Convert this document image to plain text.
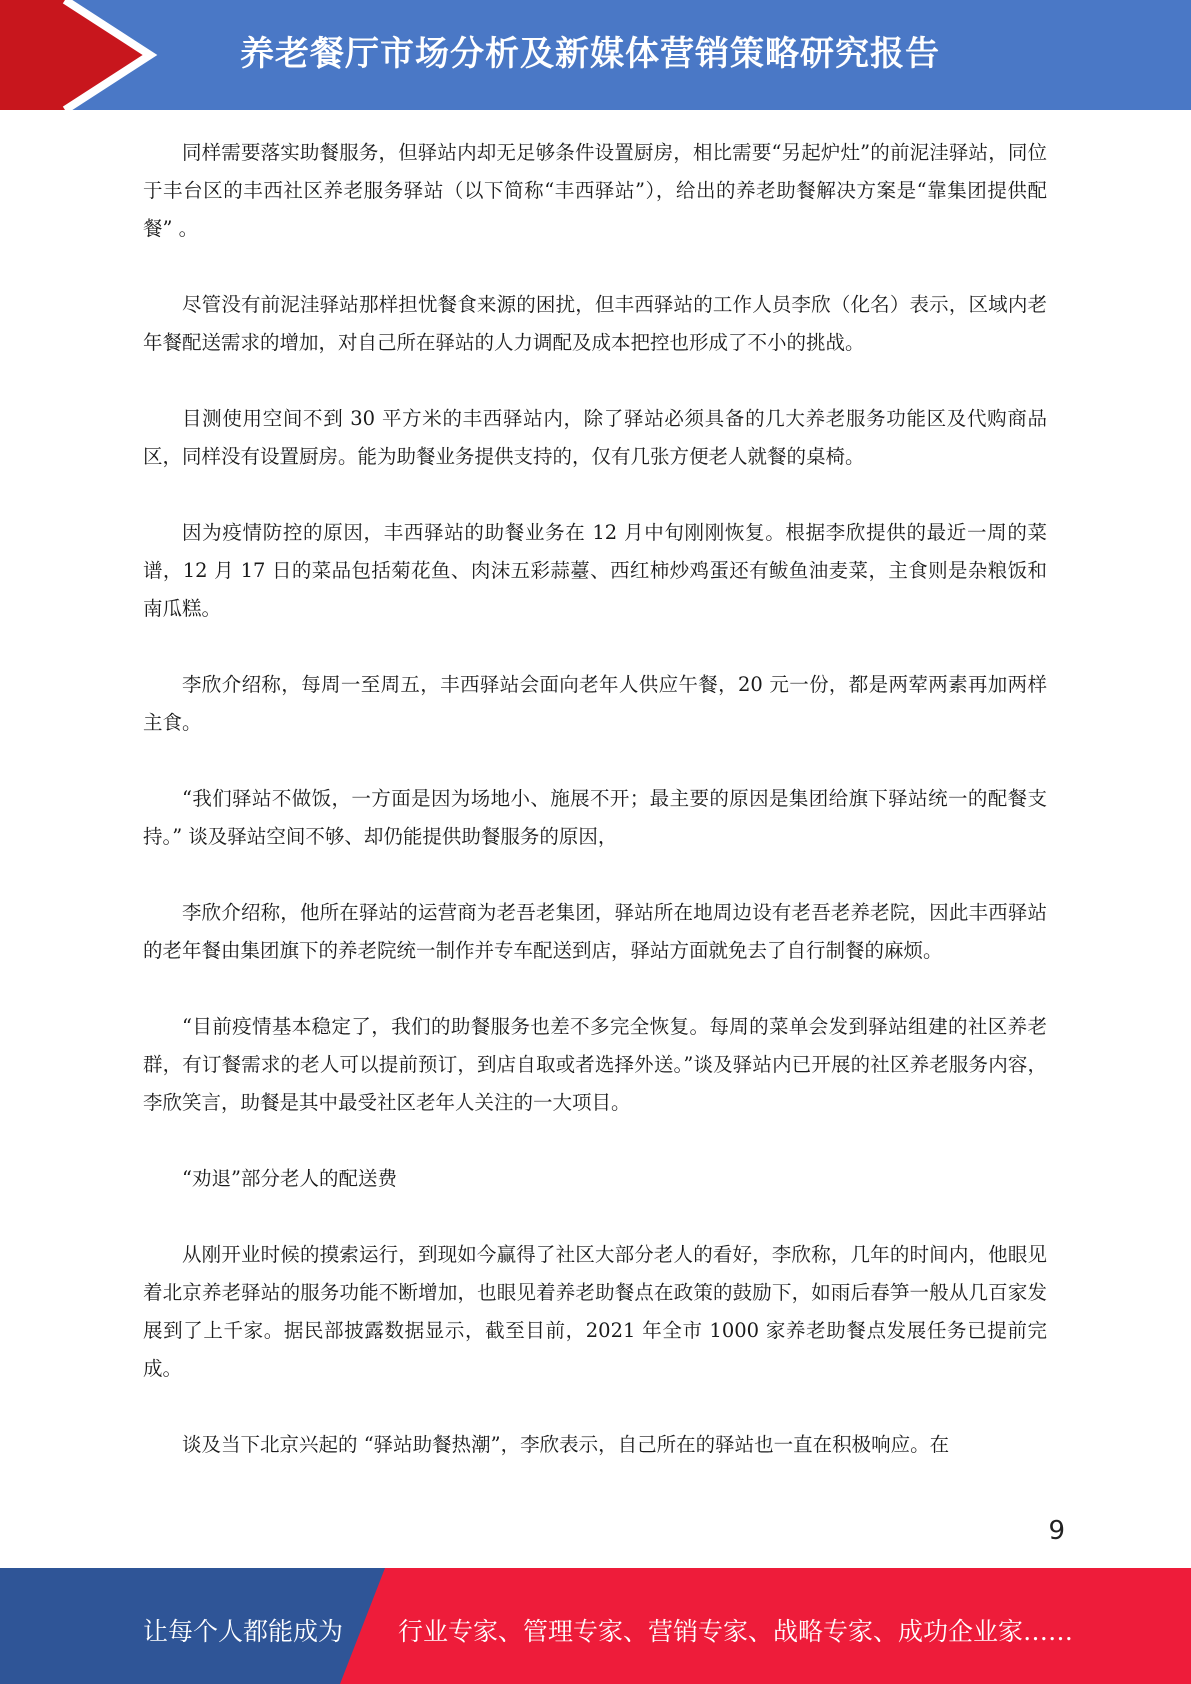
养老餐厅市场分析及新媒体营销策略研究报告

同样需要落实助餐服务，但驿站内却无足够条件设置厨房，相比需要“另起炉灶”的前泥洼驿站，同位于丰台区的丰西社区养老服务驿站（以下简称“丰西驿站”），给出的养老助餐解决方案是“靠集团提供配餐” 。

尽管没有前泥洼驿站那样担忧餐食来源的困扰，但丰西驿站的工作人员李欣（化名）表示，区域内老年餐配送需求的增加，对自己所在驿站的人力调配及成本把控也形成了不小的挑战。

目测使用空间不到 30 平方米的丰西驿站内，除了驿站必须具备的几大养老服务功能区及代购商品区，同样没有设置厨房。能为助餐业务提供支持的，仅有几张方便老人就餐的桌椅。

因为疫情防控的原因，丰西驿站的助餐业务在 12 月中旬刚刚恢复。根据李欣提供的最近一周的菜谱，12 月 17 日的菜品包括菊花鱼、肉沫五彩蒜薹、西红柿炒鸡蛋还有鲅鱼油麦菜，主食则是杂粮饭和南瓜糕。

李欣介绍称，每周一至周五，丰西驿站会面向老年人供应午餐，20 元一份，都是两荤两素再加两样主食。

“我们驿站不做饭，一方面是因为场地小、施展不开；最主要的原因是集团给旗下驿站统一的配餐支持。” 谈及驿站空间不够、却仍能提供助餐服务的原因，

李欣介绍称，他所在驿站的运营商为老吾老集团，驿站所在地周边设有老吾老养老院，因此丰西驿站的老年餐由集团旗下的养老院统一制作并专车配送到店，驿站方面就免去了自行制餐的麻烦。

“目前疫情基本稳定了，我们的助餐服务也差不多完全恢复。每周的菜单会发到驿站组建的社区养老群，有订餐需求的老人可以提前预订，到店自取或者选择外送。”谈及驿站内已开展的社区养老服务内容，李欣笑言，助餐是其中最受社区老年人关注的一大项目。

“劝退”部分老人的配送费

从刚开业时候的摸索运行，到现如今赢得了社区大部分老人的看好，李欣称，几年的时间内，他眼见着北京养老驿站的服务功能不断增加，也眼见着养老助餐点在政策的鼓励下，如雨后春笋一般从几百家发展到了上千家。据民部披露数据显示，截至目前，2021 年全市 1000 家养老助餐点发展任务已提前完成。

谈及当下北京兴起的 “驿站助餐热潮”，李欣表示，自己所在的驿站也一直在积极响应。在

9
让每个人都能成为 行业专家、管理专家、营销专家、战略专家、成功企业家……
